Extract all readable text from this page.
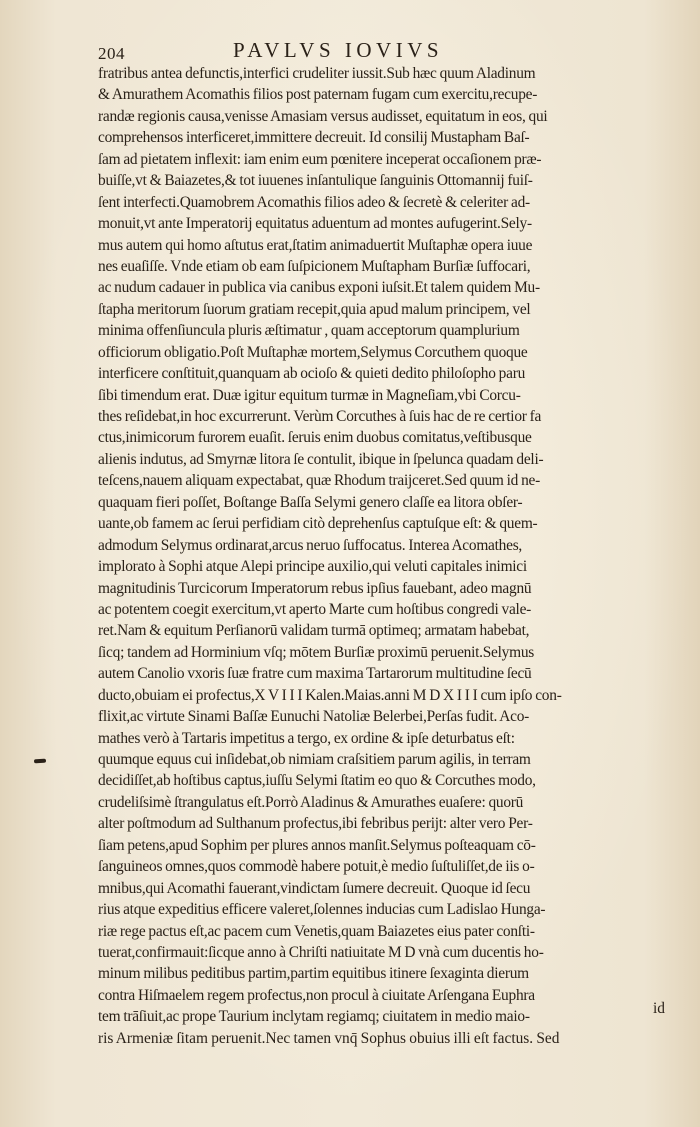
204	PAVLVS IOVIVS
fratribus antea defunctis,interfici crudeliter iussit.Sub hæc quum Aladinum
& Amurathem Acomathis filios post paternam fugam cum exercitu,recupe-
randæ regionis causa,venisse Amasiam versus audisset, equitatum in eos, qui
comprehensos interficeret,immittere decreuit. Id consilij Mustapham Baſ-
ſam ad pietatem inflexit: iam enim eum pœnitere inceperat occaſionem præ-
buiſſe,vt & Baiazetes,& tot iuuenes inſantulique ſanguinis Ottomannij fuiſ-
ſent interfecti.Quamobrem Acomathis filios adeo & ſecretè & celeriter ad-
monuit,vt ante Imperatorij equitatus aduentum ad montes aufugerint.Sely-
mus autem qui homo aſtutus erat,ſtatim animaduertit Muſtaphæ opera iuue
nes euaſiſſe. Vnde etiam ob eam ſuſpicionem Muſtapham Burſiæ ſuffocari,
ac nudum cadauer in publica via canibus exponi iuſsit.Et talem quidem Mu-
ſtapha meritorum ſuorum gratiam recepit,quia apud malum principem, vel
minima offenſiuncula pluris æſtimatur , quam acceptorum quamplurium
officiorum obligatio.Poſt Muſtaphæ mortem,Selymus Corcuthem quoque
interficere conſtituit,quanquam ab ocioſo & quieti dedito philoſopho paru
ſibi timendum erat. Duæ igitur equitum turmæ in Magneſiam,vbi Corcu-
thes reſidebat,in hoc excurrerunt. Verùm Corcuthes à ſuis hac de re certior fa
ctus,inimicorum furorem euaſit. ſeruis enim duobus comitatus,veſtibusque
alienis indutus, ad Smyrnæ litora ſe contulit, ibique in ſpelunca quadam deli-
teſcens,nauem aliquam expectabat, quæ Rhodum traijceret.Sed quum id ne-
quaquam fieri poſſet, Boſtange Baſſa Selymi genero claſſe ea litora obſer-
uante,ob famem ac ſerui perfidiam citò deprehenſus captuſque eſt: & quem-
admodum Selymus ordinarat,arcus neruo ſuffocatus. Interea Acomathes,
implorato à Sophi atque Alepi principe auxilio,qui veluti capitales inimici
magnitudinis Turcicorum Imperatorum rebus ipſius fauebant, adeo magnū
ac potentem coegit exercitum,vt aperto Marte cum hoſtibus congredi vale-
ret.Nam & equitum Perſianorū validam turmā optimeq; armatam habebat,
ſicq; tandem ad Horminium vſq; mōtem Burſiæ proximū peruenit.Selymus
autem Canolio vxoris ſuæ fratre cum maxima Tartarorum multitudine ſecū
ducto,obuiam ei profectus,X V I I I Kalen.Maias.anni M D X I I I cum ipſo con-
flixit,ac virtute Sinami Baſſæ Eunuchi Natoliæ Belerbei,Perſas fudit. Aco-
mathes verò à Tartaris impetitus a tergo, ex ordine & ipſe deturbatus eſt:
quumque equus cui inſidebat,ob nimiam craſsitiem parum agilis, in terram
decidiſſet,ab hoſtibus captus,iuſſu Selymi ſtatim eo quo & Corcuthes modo,
crudeliſsimè ſtrangulatus eſt.Porrò Aladinus & Amurathes euaſere: quorū
alter poſtmodum ad Sulthanum profectus,ibi febribus perijt: alter vero Per-
ſiam petens,apud Sophim per plures annos manſit.Selymus poſteaquam cō-
ſanguineos omnes,quos commodè habere potuit,è medio ſuſtuliſſet,de iis o-
mnibus,qui Acomathi fauerant,vindictam ſumere decreuit. Quoque id ſecu
rius atque expeditius efficere valeret,ſolennes inducias cum Ladislao Hunga-
riæ rege pactus eſt,ac pacem cum Venetis,quam Baiazetes eius pater conſti-
tuerat,confirmauit:ſicque anno à Chriſti natiuitate M D vnà cum ducentis ho-
minum milibus peditibus partim,partim equitibus itinere ſexaginta dierum
contra Hiſmaelem regem profectus,non procul à ciuitate Arſengana Euphra
tem trāſiuit,ac prope Taurium inclytam regiamq; ciuitatem in medio maio-
ris Armeniæ ſitam peruenit.Nec tamen vnq̄ Sophus obuius illi eſt factus. Sed
id
